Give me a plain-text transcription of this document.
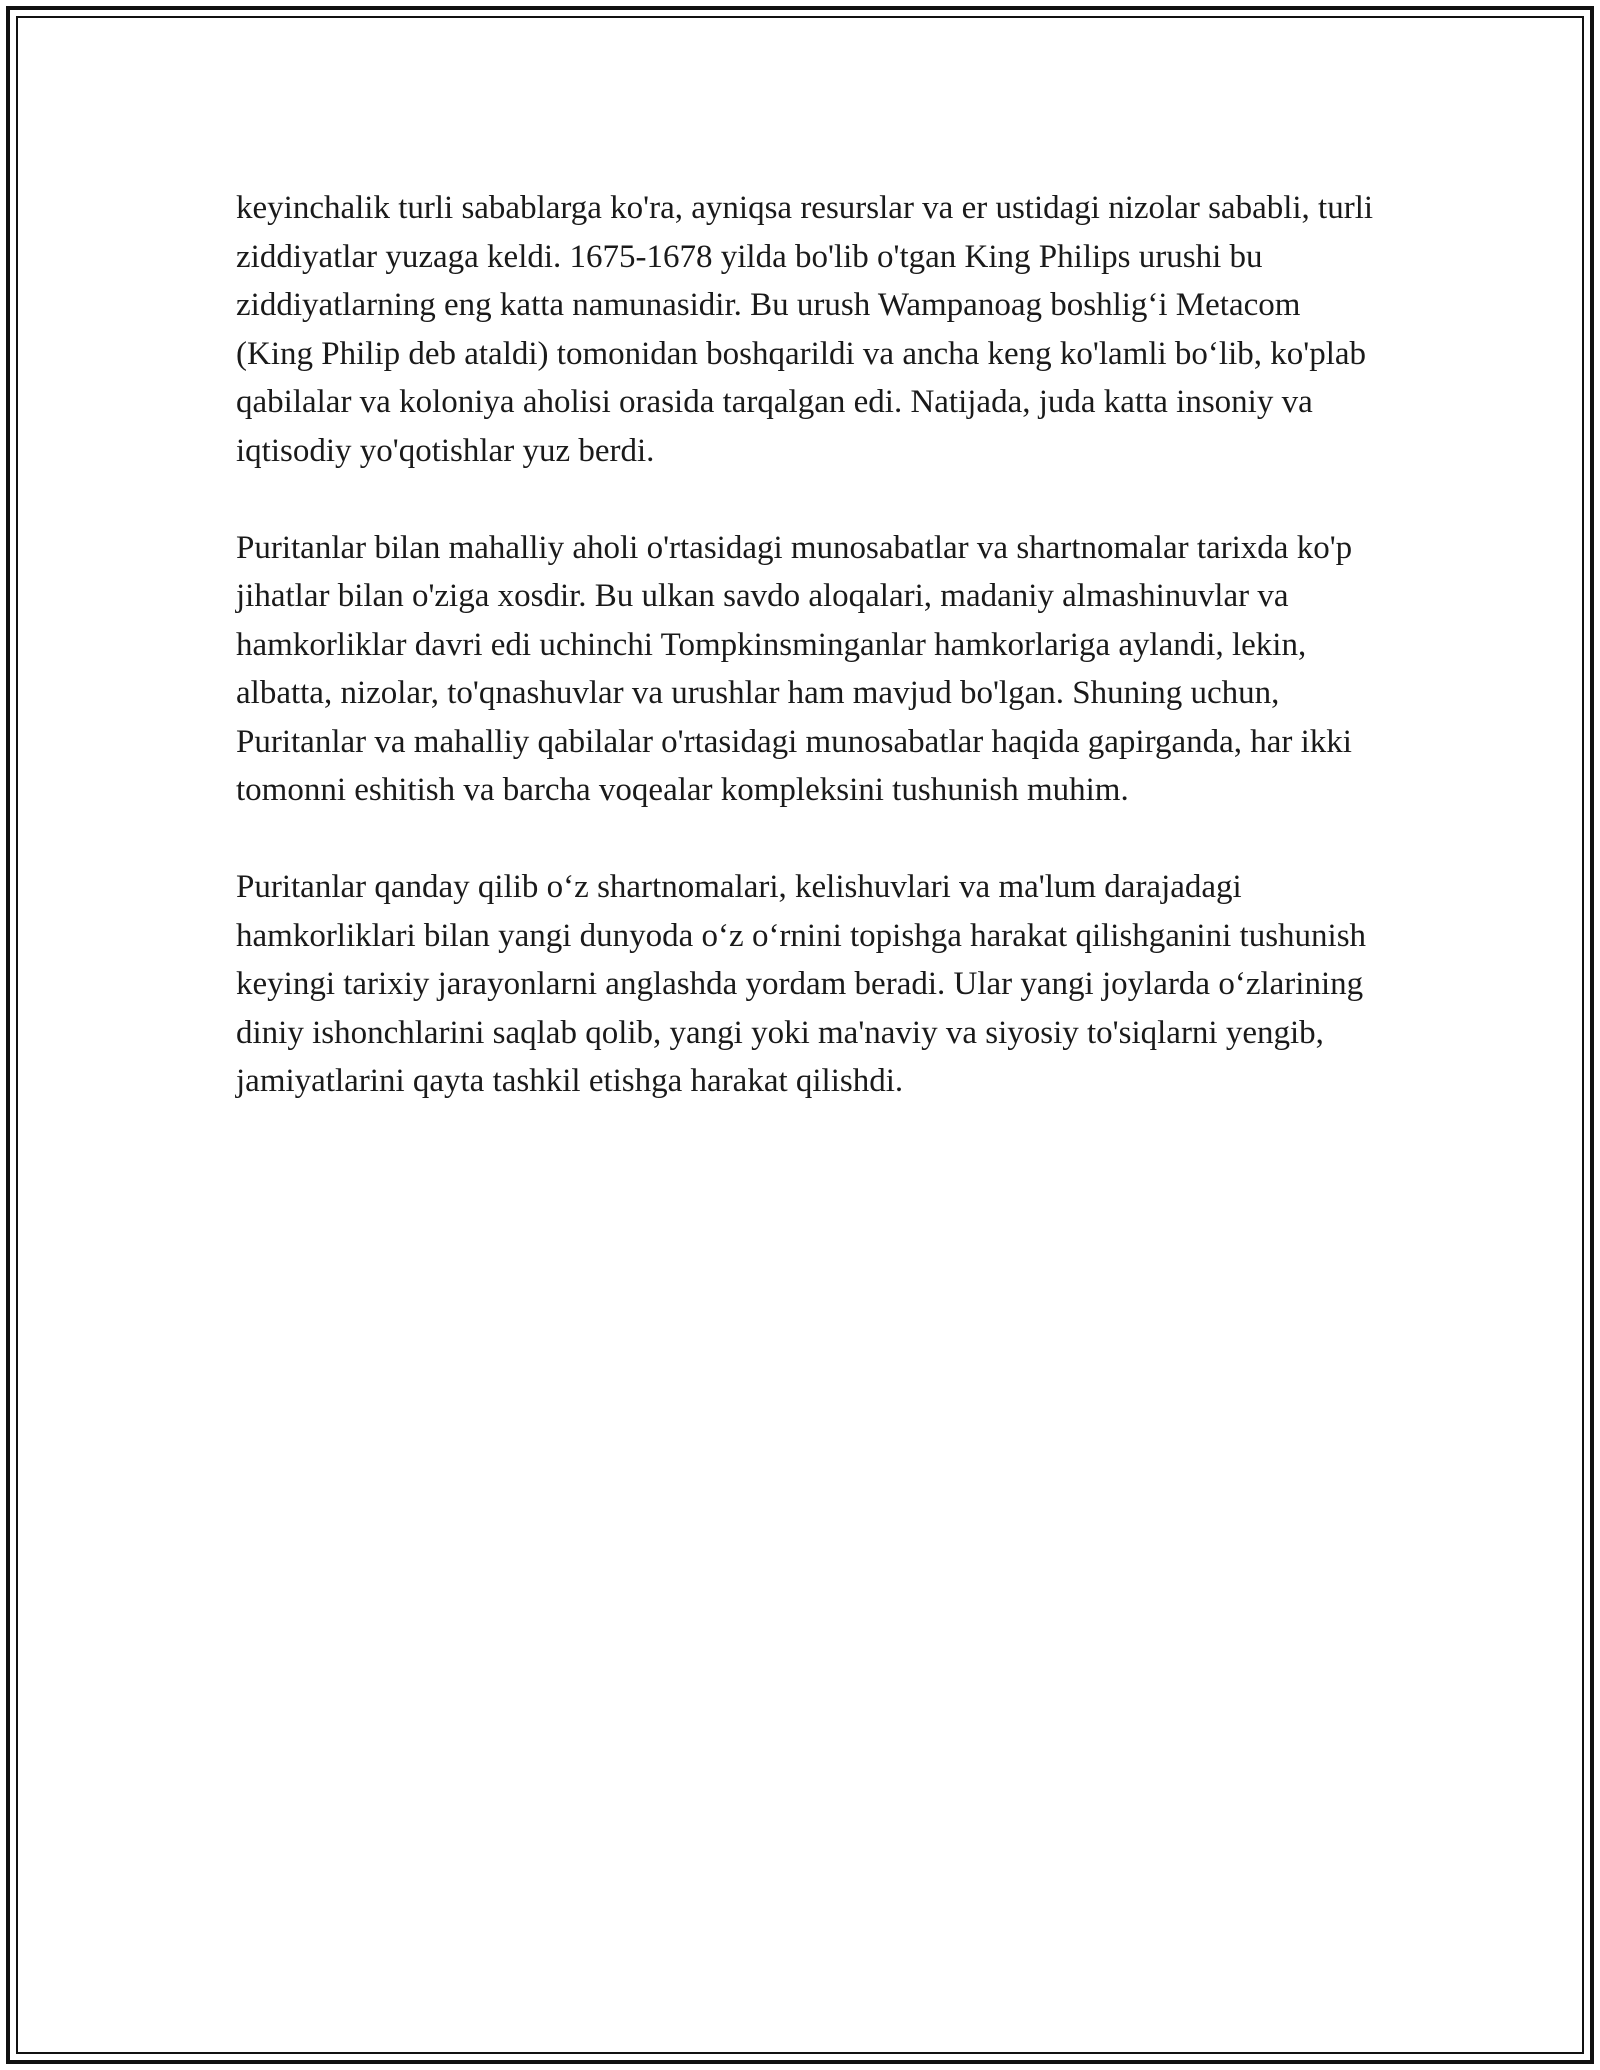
keyinchalik turli sabablarga ko'ra, ayniqsa resurslar va er ustidagi nizolar sababli, turli ziddiyatlar yuzaga keldi. 1675-1678 yilda bo'lib o'tgan King Philips urushi bu ziddiyatlarning eng katta namunasidir. Bu urush Wampanoag boshlig‘i Metacom (King Philip deb ataldi) tomonidan boshqarildi va ancha keng ko'lamli bo‘lib, ko'plab qabilalar va koloniya aholisi orasida tarqalgan edi. Natijada, juda katta insoniy va iqtisodiy yo'qotishlar yuz berdi.

Puritanlar bilan mahalliy aholi o'rtasidagi munosabatlar va shartnomalar tarixda ko'p jihatlar bilan o'ziga xosdir. Bu ulkan savdo aloqalari, madaniy almashinuvlar va hamkorliklar davri edi uchinchi Tompkinsminganlar hamkorlariga aylandi, lekin, albatta, nizolar, to'qnashuvlar va urushlar ham mavjud bo'lgan. Shuning uchun, Puritanlar va mahalliy qabilalar o'rtasidagi munosabatlar haqida gapirganda, har ikki tomonni eshitish va barcha voqealar kompleksini tushunish muhim.

Puritanlar qanday qilib o‘z shartnomalari, kelishuvlari va ma'lum darajadagi hamkorliklari bilan yangi dunyoda o‘z o‘rnini topishga harakat qilishganini tushunish keyingi tarixiy jarayonlarni anglashda yordam beradi. Ular yangi joylarda o‘zlarining diniy ishonchlarini saqlab qolib, yangi yoki ma'naviy va siyosiy to'siqlarni yengib, jamiyatlarini qayta tashkil etishga harakat qilishdi.
